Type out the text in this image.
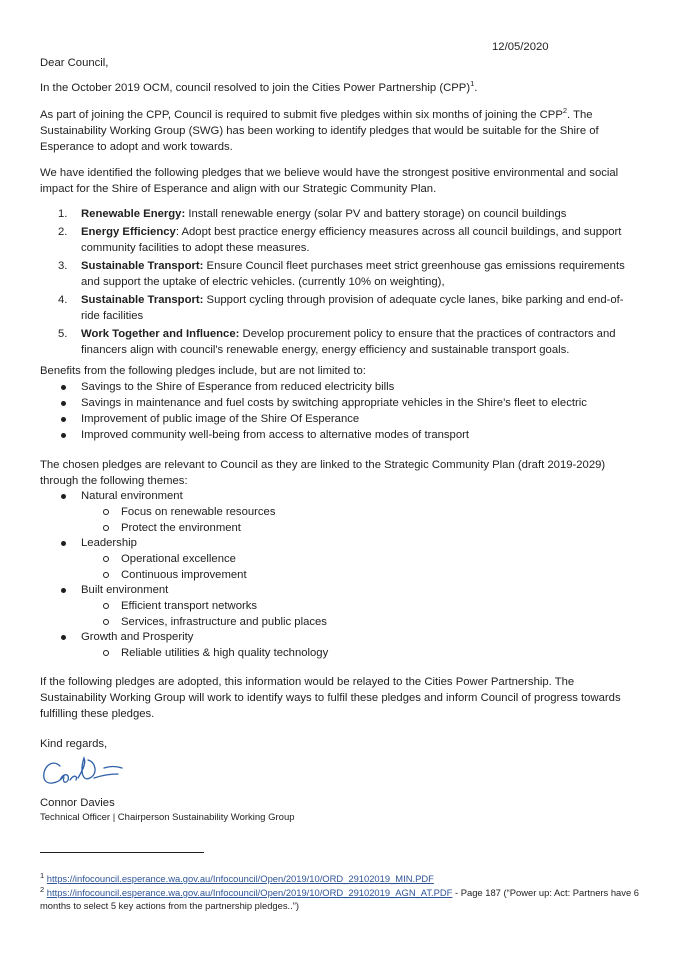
12/05/2020

Dear Council,

In the October 2019 OCM, council resolved to join the Cities Power Partnership (CPP)$^1$.

As part of joining the CPP, Council is required to submit five pledges within six months of joining the CPP$^2$. The Sustainability Working Group (SWG) has been working to identify pledges that would be suitable for the Shire of Esperance to adopt and work towards.

We have identified the following pledges that we believe would have the strongest positive environmental and social impact for the Shire of Esperance and align with our Strategic Community Plan.

1. Renewable Energy: Install renewable energy (solar PV and battery storage) on council buildings
2. Energy Efficiency: Adopt best practice energy efficiency measures across all council buildings, and support community facilities to adopt these measures.
3. Sustainable Transport: Ensure Council fleet purchases meet strict greenhouse gas emissions requirements and support the uptake of electric vehicles. (currently 10% on weighting),
4. Sustainable Transport: Support cycling through provision of adequate cycle lanes, bike parking and end-of-ride facilities
5. Work Together and Influence: Develop procurement policy to ensure that the practices of contractors and financers align with council's renewable energy, energy efficiency and sustainable transport goals.

Benefits from the following pledges include, but are not limited to:

Savings to the Shire of Esperance from reduced electricity bills
Savings in maintenance and fuel costs by switching appropriate vehicles in the Shire’s fleet to electric
Improvement of public image of the Shire Of Esperance
Improved community well-being from access to alternative modes of transport

The chosen pledges are relevant to Council as they are linked to the Strategic Community Plan (draft 2019-2029) through the following themes:

Natural environment
Focus on renewable resources
Protect the environment
Leadership
Operational excellence
Continuous improvement
Built environment
Efficient transport networks
Services, infrastructure and public places
Growth and Prosperity
Reliable utilities & high quality technology

If the following pledges are adopted, this information would be relayed to the Cities Power Partnership. The Sustainability Working Group will work to identify ways to fulfil these pledges and inform Council of progress towards fulfilling these pledges.

Kind regards,

Connor Davies
Technical Officer | Chairperson Sustainability Working Group
$^1$ https://infocouncil.esperance.wa.gov.au/Infocouncil/Open/2019/10/ORD_29102019_MIN.PDF
$^2$ https://infocouncil.esperance.wa.gov.au/Infocouncil/Open/2019/10/ORD_29102019_AGN_AT.PDF - Page 187 (“Power up: Act: Partners have 6 months to select 5 key actions from the partnership pledges..”)
